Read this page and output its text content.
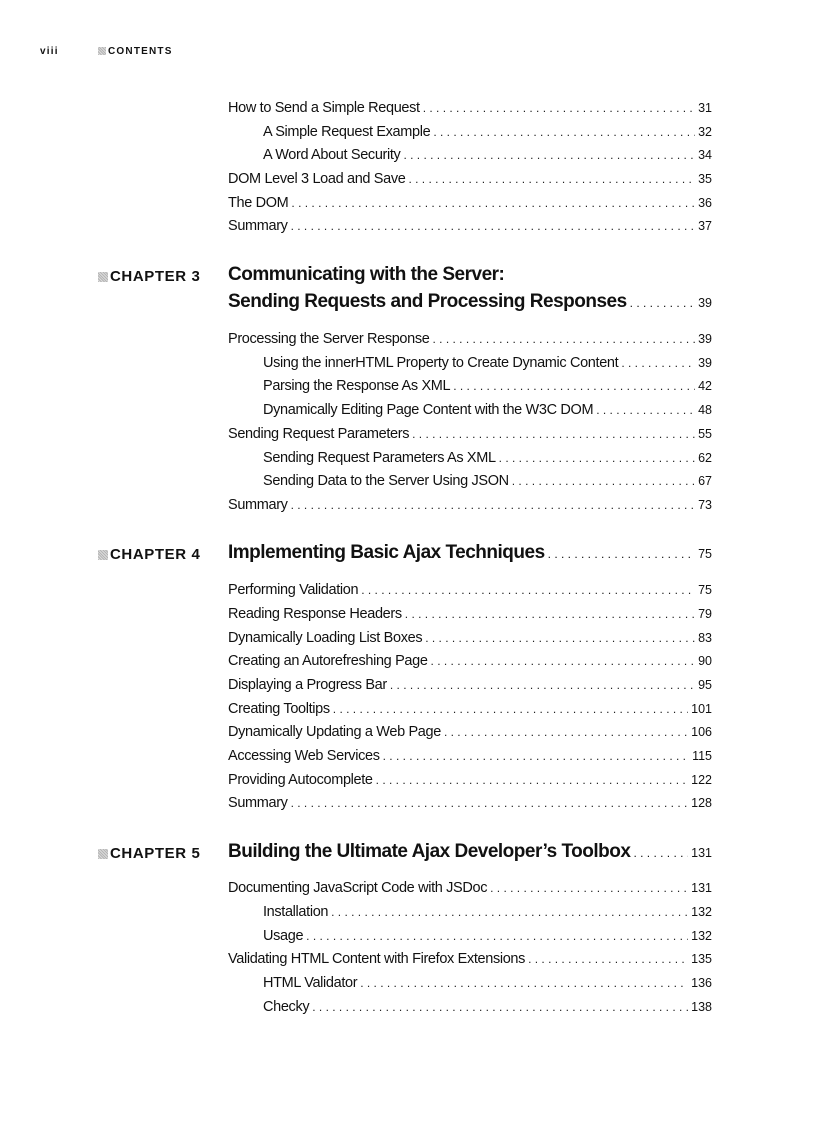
viii	CONTENTS
How to Send a Simple Request . . .	31
A Simple Request Example . . .	32
A Word About Security . . .	34
DOM Level 3 Load and Save . . .	35
The DOM . . .	36
Summary . . .	37
CHAPTER 3 Communicating with the Server:
Sending Requests and Processing Responses . . .	39
Processing the Server Response . . .	39
Using the innerHTML Property to Create Dynamic Content . . .	39
Parsing the Response As XML . . .	42
Dynamically Editing Page Content with the W3C DOM . . .	48
Sending Request Parameters . . .	55
Sending Request Parameters As XML . . .	62
Sending Data to the Server Using JSON . . .	67
Summary . . .	73
CHAPTER 4 Implementing Basic Ajax Techniques . . .	75
Performing Validation . . .	75
Reading Response Headers . . .	79
Dynamically Loading List Boxes . . .	83
Creating an Autorefreshing Page . . .	90
Displaying a Progress Bar . . .	95
Creating Tooltips . . .	101
Dynamically Updating a Web Page . . .	106
Accessing Web Services . . .	115
Providing Autocomplete . . .	122
Summary . . .	128
CHAPTER 5 Building the Ultimate Ajax Developer’s Toolbox . . .	131
Documenting JavaScript Code with JSDoc . . .	131
Installation . . .	132
Usage . . .	132
Validating HTML Content with Firefox Extensions . . .	135
HTML Validator . . .	136
Checky . . .	138
